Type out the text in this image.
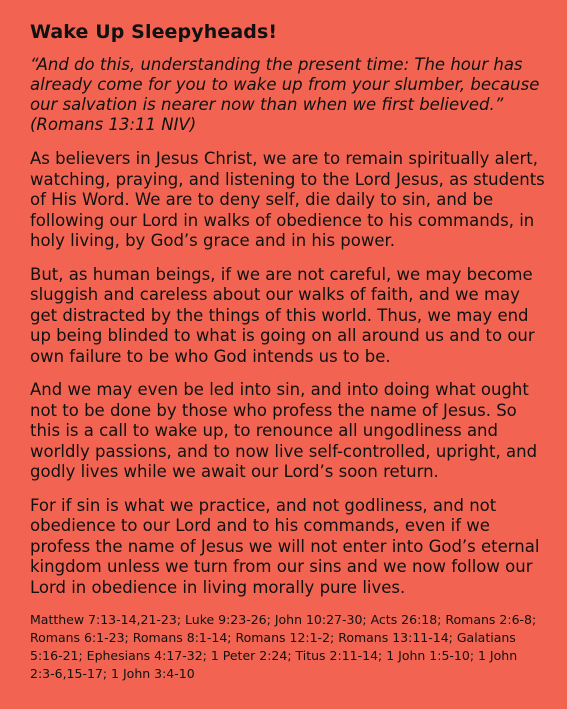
Wake Up Sleepyheads!

“And do this, understanding the present time: The hour has already come for you to wake up from your slumber, because our salvation is nearer now than when we first believed.” (Romans 13:11 NIV)

As believers in Jesus Christ, we are to remain spiritually alert, watching, praying, and listening to the Lord Jesus, as students of His Word. We are to deny self, die daily to sin, and be following our Lord in walks of obedience to his commands, in holy living, by God’s grace and in his power.

But, as human beings, if we are not careful, we may become sluggish and careless about our walks of faith, and we may get distracted by the things of this world. Thus, we may end up being blinded to what is going on all around us and to our own failure to be who God intends us to be.

And we may even be led into sin, and into doing what ought not to be done by those who profess the name of Jesus. So this is a call to wake up, to renounce all ungodliness and worldly passions, and to now live self-controlled, upright, and godly lives while we await our Lord’s soon return.

For if sin is what we practice, and not godliness, and not obedience to our Lord and to his commands, even if we profess the name of Jesus we will not enter into God’s eternal kingdom unless we turn from our sins and we now follow our Lord in obedience in living morally pure lives.

Matthew 7:13-14,21-23; Luke 9:23-26; John 10:27-30; Acts 26:18; Romans 2:6-8; Romans 6:1-23; Romans 8:1-14; Romans 12:1-2; Romans 13:11-14; Galatians 5:16-21; Ephesians 4:17-32; 1 Peter 2:24; Titus 2:11-14; 1 John 1:5-10; 1 John 2:3-6,15-17; 1 John 3:4-10
